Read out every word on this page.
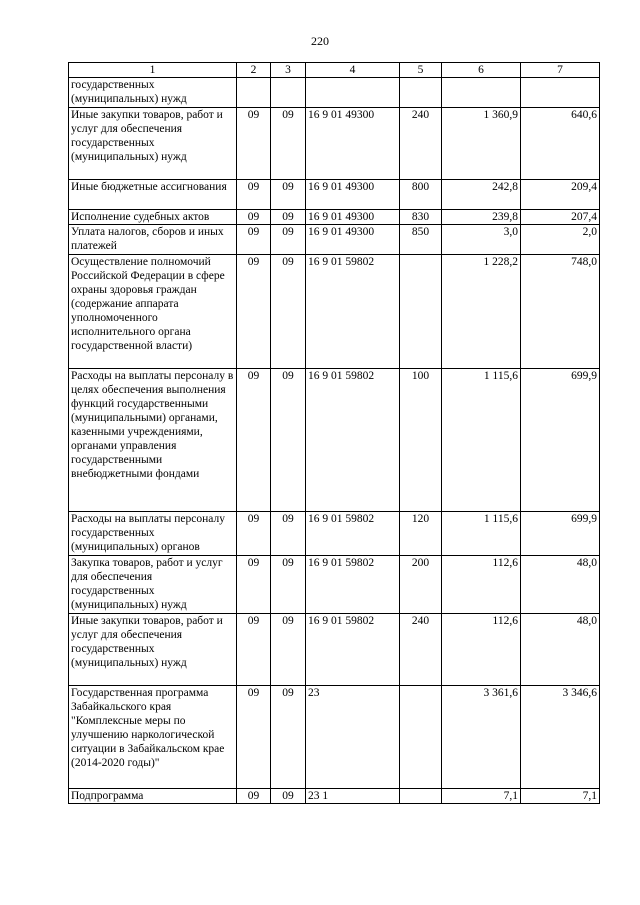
220
1	2	3	4	5	6	7
государственных (муниципальных) нужд						
Иные закупки товаров, работ и услуг для обеспечения государственных (муниципальных) нужд	09	09	16 9 01 49300	240	1 360,9	640,6
Иные бюджетные ассигнования	09	09	16 9 01 49300	800	242,8	209,4
Исполнение судебных актов	09	09	16 9 01 49300	830	239,8	207,4
Уплата налогов, сборов и иных платежей	09	09	16 9 01 49300	850	3,0	2,0
Осуществление полномочий Российской Федерации в сфере охраны здоровья граждан (содержание аппарата уполномоченного исполнительного органа государственной власти)	09	09	16 9 01 59802		1 228,2	748,0
Расходы на выплаты персоналу в целях обеспечения выполнения функций государственными (муниципальными) органами, казенными учреждениями, органами управления государственными внебюджетными фондами	09	09	16 9 01 59802	100	1 115,6	699,9
Расходы на выплаты персоналу государственных (муниципальных) органов	09	09	16 9 01 59802	120	1 115,6	699,9
Закупка товаров, работ и услуг для обеспечения государственных (муниципальных) нужд	09	09	16 9 01 59802	200	112,6	48,0
Иные закупки товаров, работ и услуг для обеспечения государственных (муниципальных) нужд	09	09	16 9 01 59802	240	112,6	48,0
Государственная программа Забайкальского края "Комплексные меры по улучшению наркологической ситуации в Забайкальском крае (2014-2020 годы)"	09	09	23		3 361,6	3 346,6
Подпрограмма	09	09	23 1		7,1	7,1
